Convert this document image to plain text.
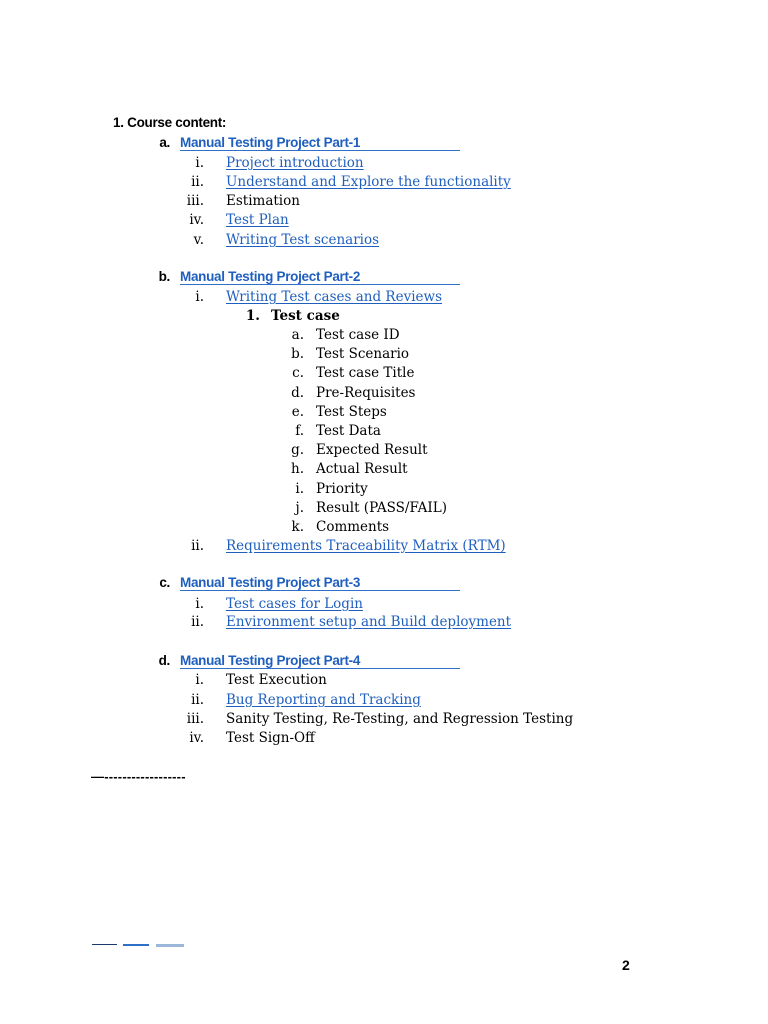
1. Course content:
a. Manual Testing Project Part-1
i. Project introduction
ii. Understand and Explore the functionality
iii. Estimation
iv. Test Plan
v. Writing Test scenarios
b. Manual Testing Project Part-2
i. Writing Test cases and Reviews
1. Test case
a. Test case ID
b. Test Scenario
c. Test case Title
d. Pre-Requisites
e. Test Steps
f. Test Data
g. Expected Result
h. Actual Result
i. Priority
j. Result (PASS/FAIL)
k. Comments
ii. Requirements Traceability Matrix (RTM)
c. Manual Testing Project Part-3
i. Test cases for Login
ii. Environment setup and Build deployment
d. Manual Testing Project Part-4
i. Test Execution
ii. Bug Reporting and Tracking
iii. Sanity Testing, Re-Testing, and Regression Testing
iv. Test Sign-Off
—------------------
2
